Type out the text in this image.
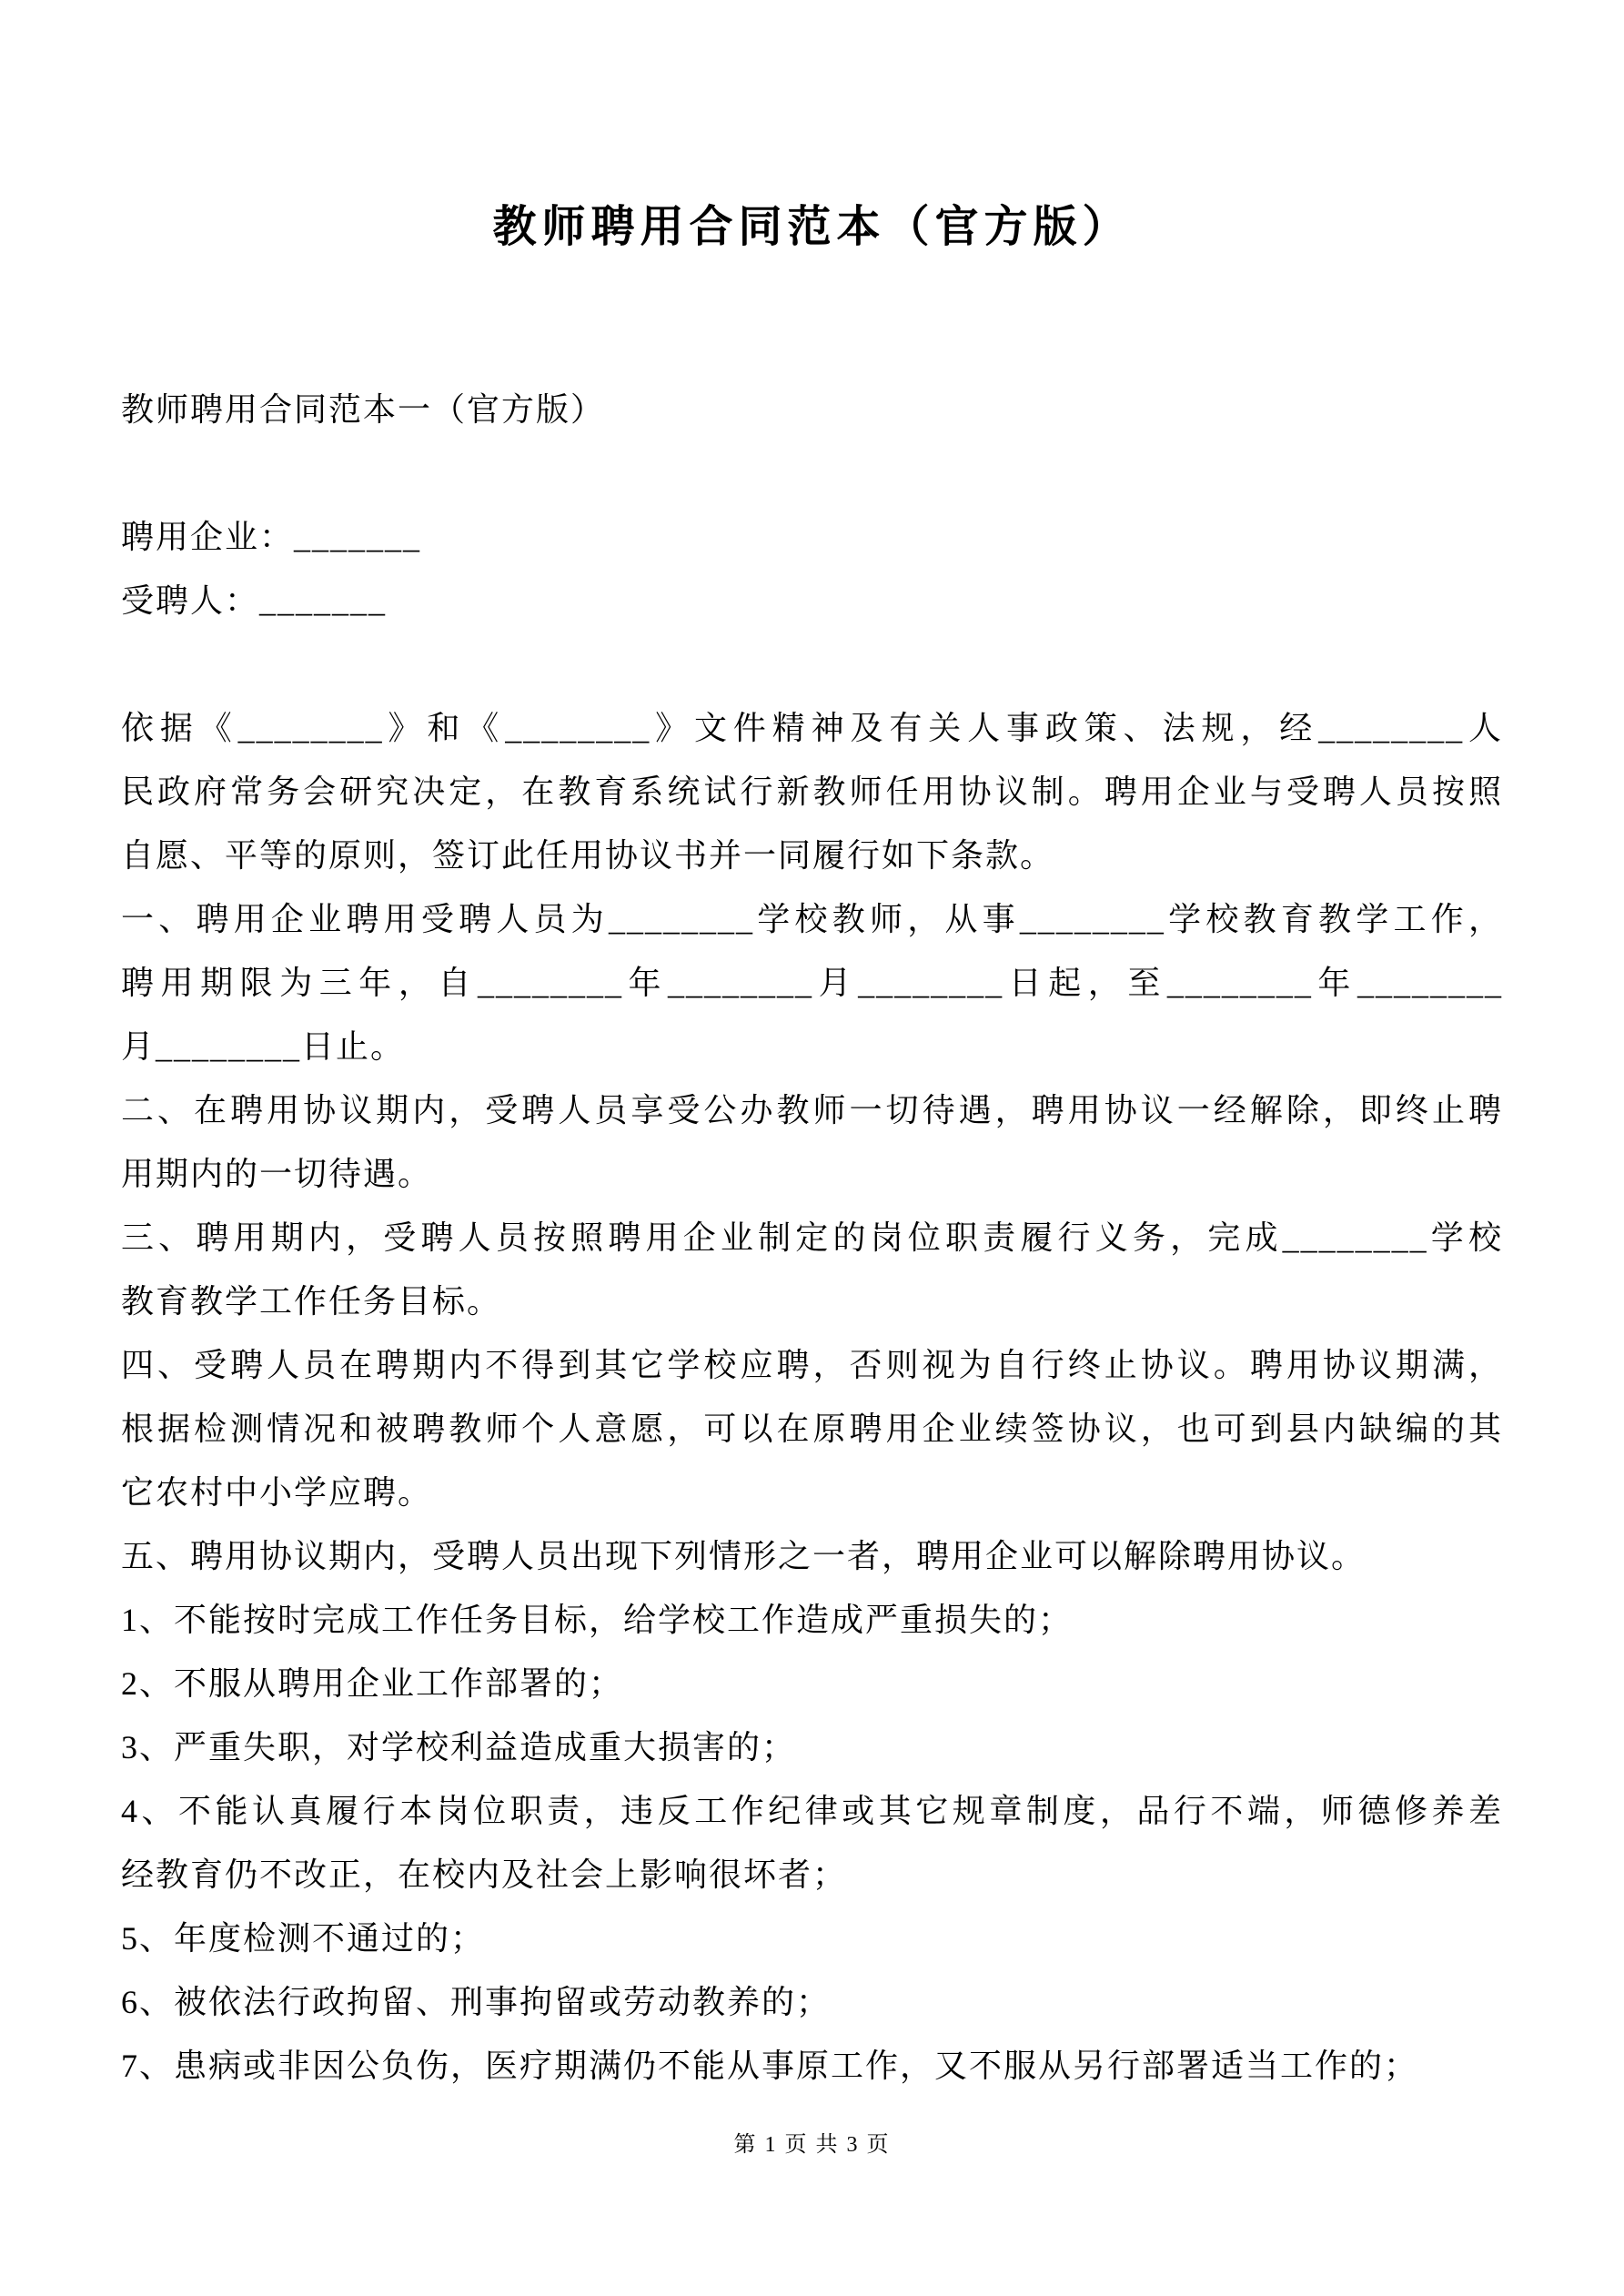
教师聘用合同范本（官方版）
教师聘用合同范本一（官方版）
聘用企业：_______
受聘人：_______
依据《________》和《________》文件精神及有关人事政策、法规，经________人
民政府常务会研究决定，在教育系统试行新教师任用协议制。聘用企业与受聘人员按照
自愿、平等的原则，签订此任用协议书并一同履行如下条款。
一、聘用企业聘用受聘人员为________学校教师，从事________学校教育教学工作，
聘用期限为三年，自________年________月________日起，至________年________
月________日止。
二、在聘用协议期内，受聘人员享受公办教师一切待遇，聘用协议一经解除，即终止聘
用期内的一切待遇。
三、聘用期内，受聘人员按照聘用企业制定的岗位职责履行义务，完成________学校
教育教学工作任务目标。
四、受聘人员在聘期内不得到其它学校应聘，否则视为自行终止协议。聘用协议期满，
根据检测情况和被聘教师个人意愿，可以在原聘用企业续签协议，也可到县内缺编的其
它农村中小学应聘。
五、聘用协议期内，受聘人员出现下列情形之一者，聘用企业可以解除聘用协议。
1、不能按时完成工作任务目标，给学校工作造成严重损失的；
2、不服从聘用企业工作部署的；
3、严重失职，对学校利益造成重大损害的；
4、不能认真履行本岗位职责，违反工作纪律或其它规章制度，品行不端，师德修养差
经教育仍不改正，在校内及社会上影响很坏者；
5、年度检测不通过的；
6、被依法行政拘留、刑事拘留或劳动教养的；
7、患病或非因公负伤，医疗期满仍不能从事原工作，又不服从另行部署适当工作的；
第 1 页 共 3 页
